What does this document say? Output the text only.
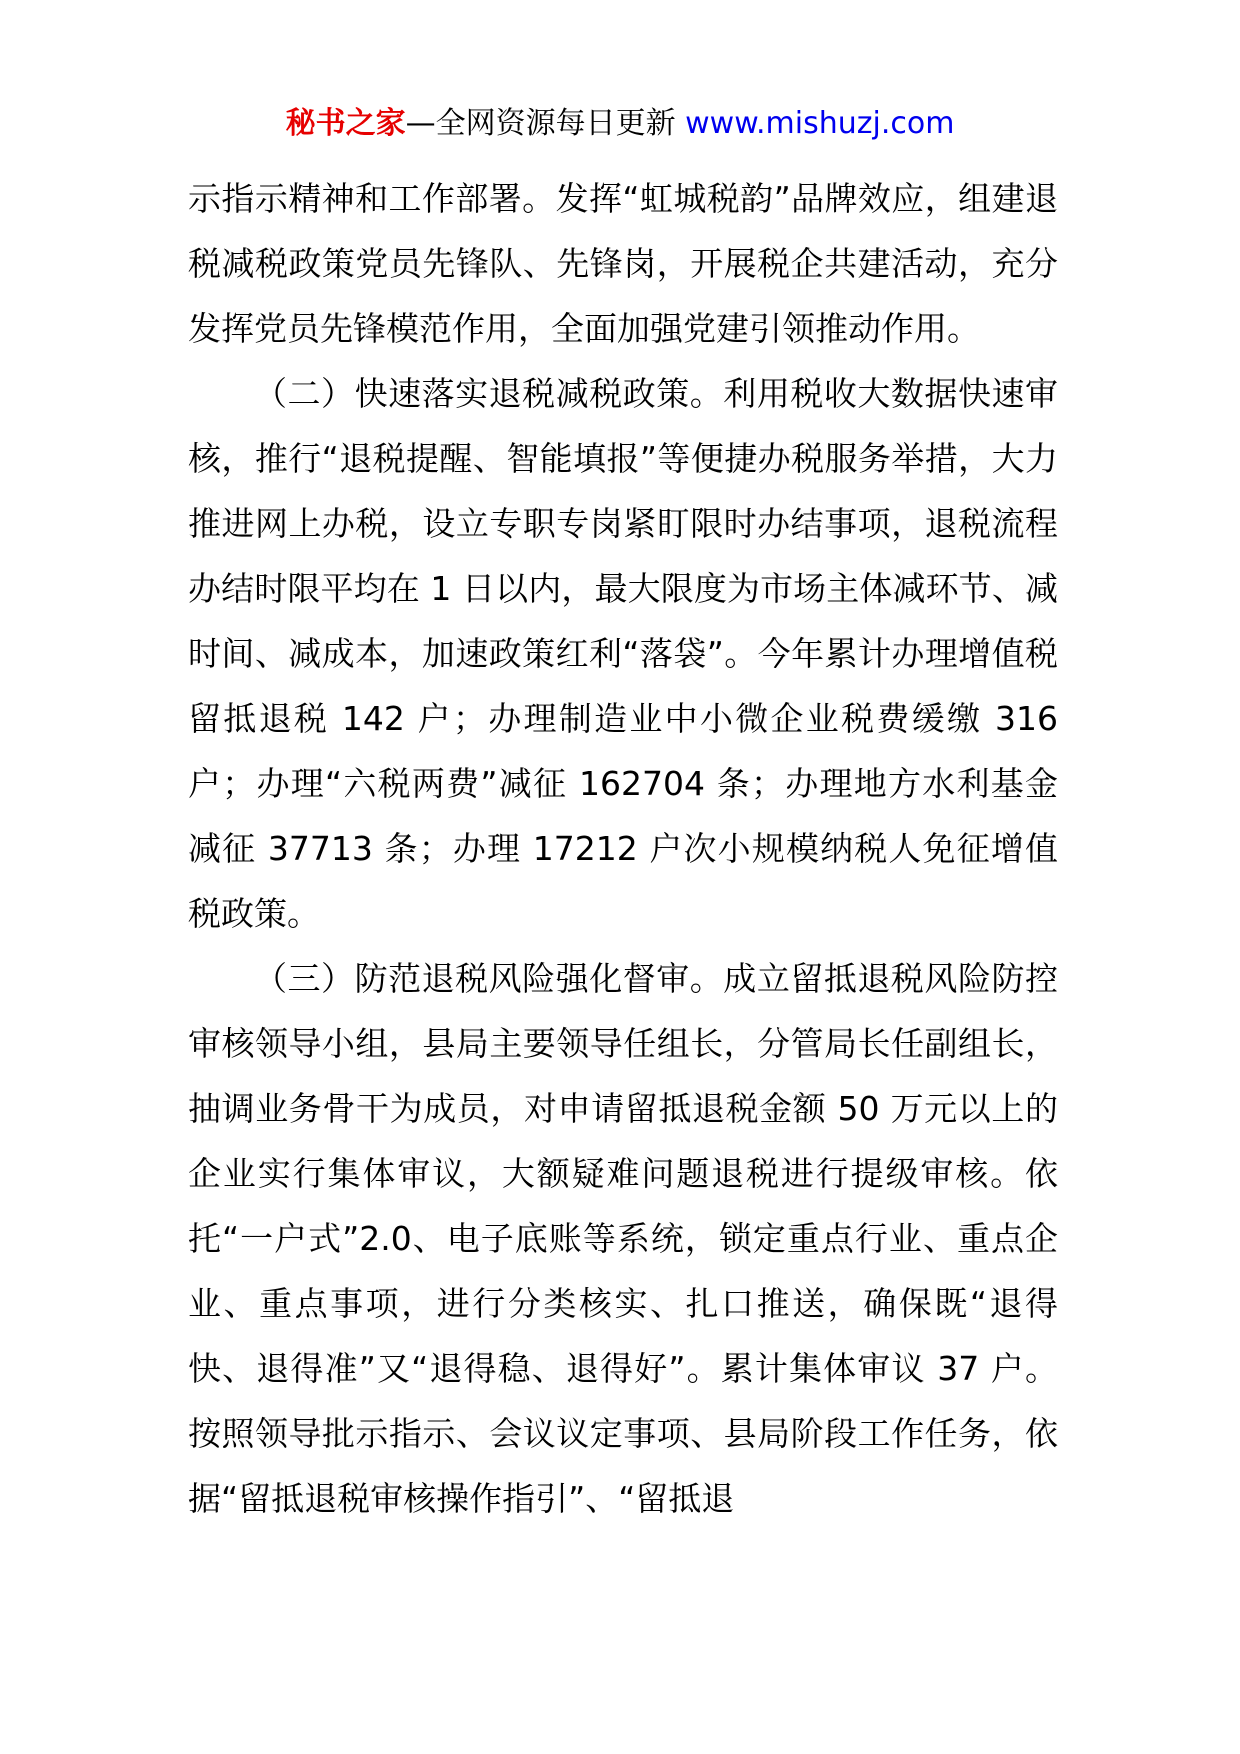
秘书之家—全网资源每日更新 www.mishuzj.com

示指示精神和工作部署。发挥“虹城税韵”品牌效应，组建退税减税政策党员先锋队、先锋岗，开展税企共建活动，充分发挥党员先锋模范作用，全面加强党建引领推动作用。

（二）快速落实退税减税政策。利用税收大数据快速审核，推行“退税提醒、智能填报”等便捷办税服务举措，大力推进网上办税，设立专职专岗紧盯限时办结事项，退税流程办结时限平均在 1 日以内，最大限度为市场主体减环节、减时间、减成本，加速政策红利“落袋”。今年累计办理增值税留抵退税 142 户；办理制造业中小微企业税费缓缴 316 户；办理“六税两费”减征 162704 条；办理地方水利基金减征 37713 条；办理 17212 户次小规模纳税人免征增值税政策。

（三）防范退税风险强化督审。成立留抵退税风险防控审核领导小组，县局主要领导任组长，分管局长任副组长，抽调业务骨干为成员，对申请留抵退税金额 50 万元以上的企业实行集体审议，大额疑难问题退税进行提级审核。依托“一户式”2.0、电子底账等系统，锁定重点行业、重点企业、重点事项，进行分类核实、扎口推送，确保既“退得快、退得准”又“退得稳、退得好”。累计集体审议 37 户。按照领导批示指示、会议议定事项、县局阶段工作任务，依据“留抵退税审核操作指引”、“留抵退
